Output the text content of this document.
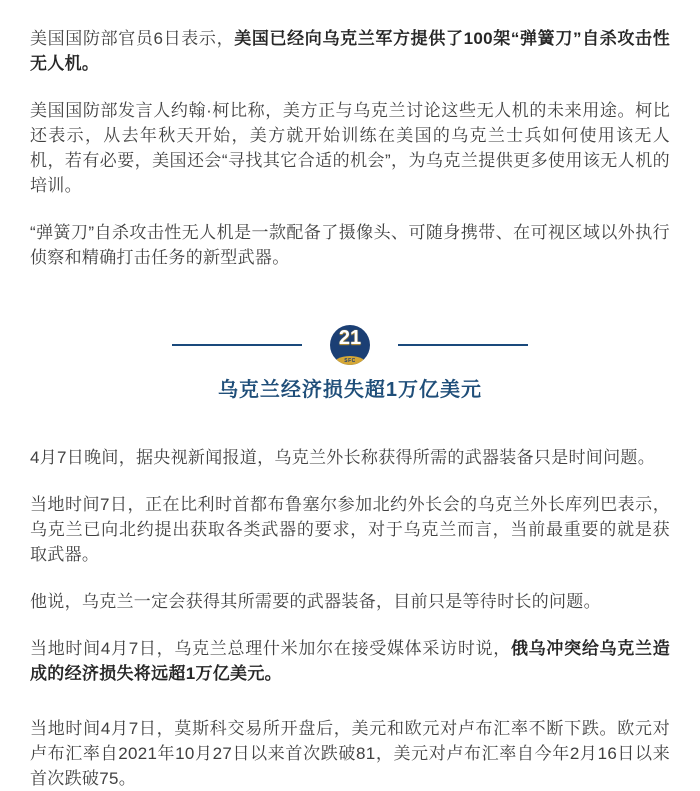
美国国防部官员6日表示，美国已经向乌克兰军方提供了100架“弹簧刀”自杀攻击性无人机。

美国国防部发言人约翰·柯比称，美方正与乌克兰讨论这些无人机的未来用途。柯比还表示，从去年秋天开始，美方就开始训练在美国的乌克兰士兵如何使用该无人机，若有必要，美国还会“寻找其它合适的机会”，为乌克兰提供更多使用该无人机的培训。

“弹簧刀”自杀攻击性无人机是一款配备了摄像头、可随身携带、在可视区域以外执行侦察和精确打击任务的新型武器。

21
SFC
乌克兰经济损失超1万亿美元

4月7日晚间，据央视新闻报道，乌克兰外长称获得所需的武器装备只是时间问题。

当地时间7日，正在比利时首都布鲁塞尔参加北约外长会的乌克兰外长库列巴表示，乌克兰已向北约提出获取各类武器的要求，对于乌克兰而言，当前最重要的就是获取武器。

他说，乌克兰一定会获得其所需要的武器装备，目前只是等待时长的问题。

当地时间4月7日，乌克兰总理什米加尔在接受媒体采访时说，俄乌冲突给乌克兰造成的经济损失将远超1万亿美元。

当地时间4月7日，莫斯科交易所开盘后，美元和欧元对卢布汇率不断下跌。欧元对卢布汇率自2021年10月27日以来首次跌破81，美元对卢布汇率自今年2月16日以来首次跌破75。
